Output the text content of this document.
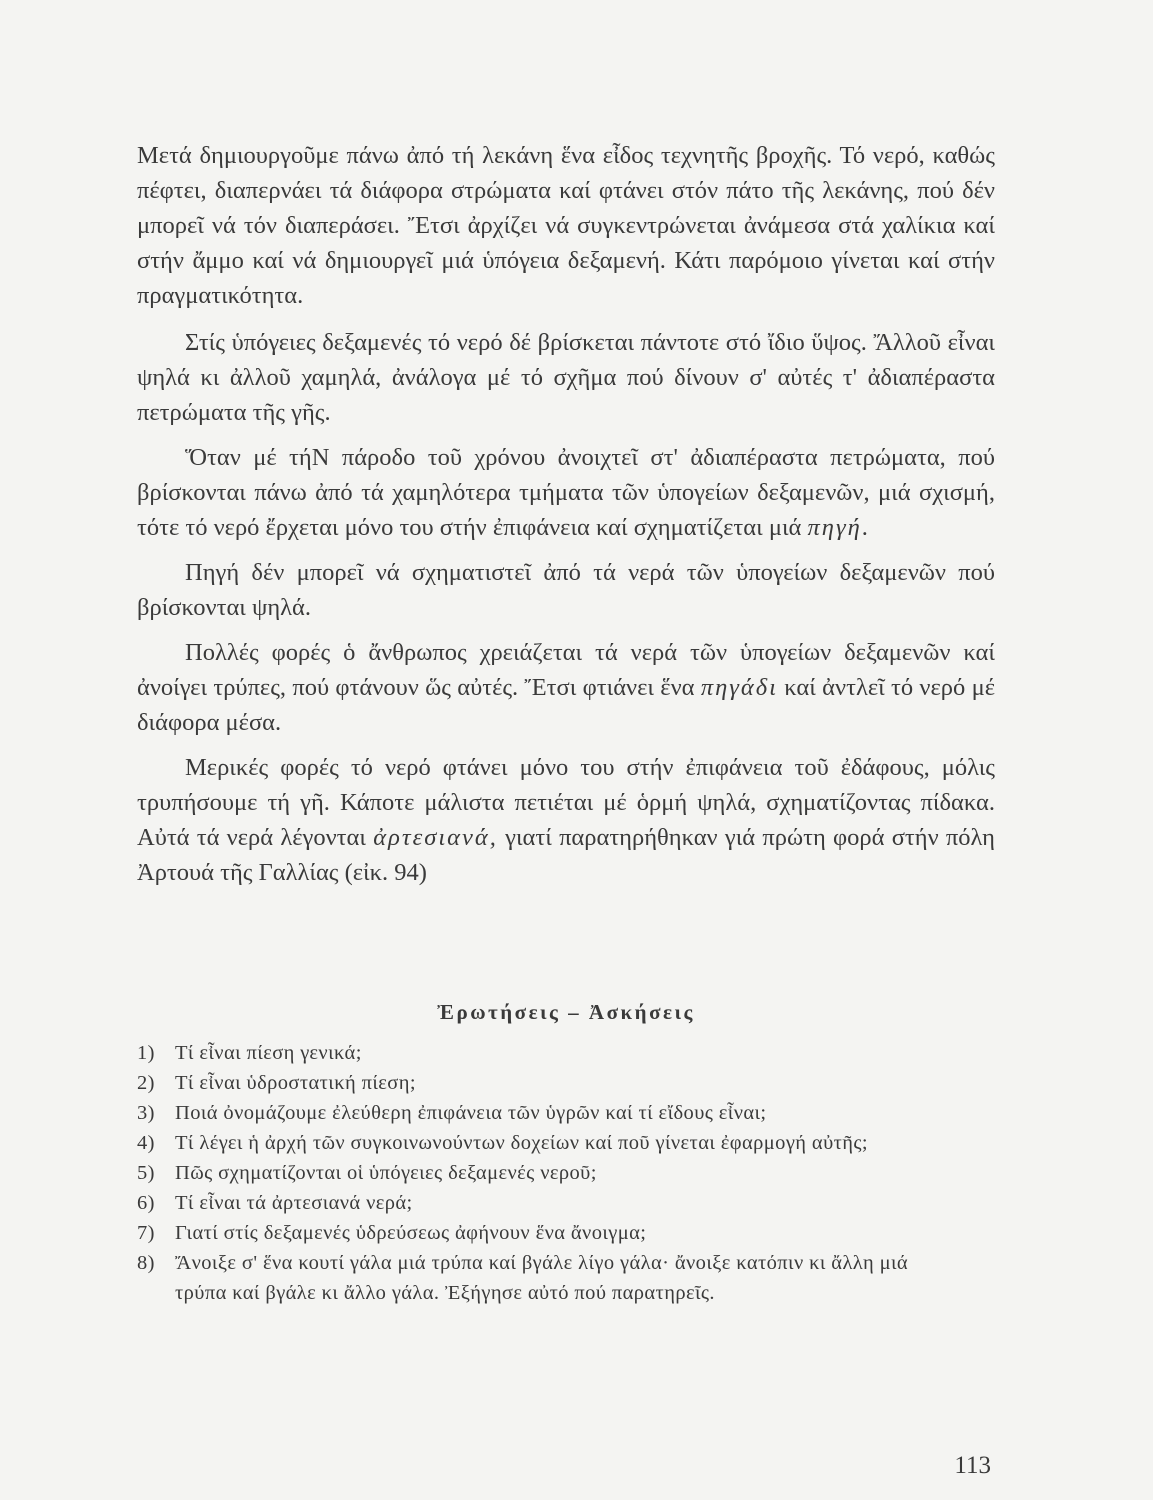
Μετά δημιουργοῦμε πάνω ἀπό τή λεκάνη ἕνα εἶδος τεχνητῆς βροχῆς. Τό νερό, καθώς πέφτει, διαπερνάει τά διάφορα στρώματα καί φτάνει στόν πάτο τῆς λεκάνης, πού δέν μπορεῖ νά τόν διαπεράσει. Ἔτσι ἀρχίζει νά συγκεντρώνεται ἀνάμεσα στά χαλίκια καί στήν ἄμμο καί νά δημιουργεῖ μιά ὑπόγεια δεξαμενή. Κάτι παρόμοιο γίνεται καί στήν πραγματικότητα.

Στίς ὑπόγειες δεξαμενές τό νερό δέ βρίσκεται πάντοτε στό ἴδιο ὕψος. Ἄλλοῦ εἶναι ψηλά κι ἀλλοῦ χαμηλά, ἀνάλογα μέ τό σχῆμα πού δίνουν σ' αὐτές τ' ἀδιαπέραστα πετρώματα τῆς γῆς.

Ὅταν μέ τήΝ πάροδο τοῦ χρόνου ἀνοιχτεῖ στ' ἀδιαπέραστα πετρώματα, πού βρίσκονται πάνω ἀπό τά χαμηλότερα τμήματα τῶν ὑπογείων δεξαμενῶν, μιά σχισμή, τότε τό νερό ἔρχεται μόνο του στήν ἐπιφάνεια καί σχηματίζεται μιά πηγή.

Πηγή δέν μπορεῖ νά σχηματιστεῖ ἀπό τά νερά τῶν ὑπογείων δεξαμενῶν πού βρίσκονται ψηλά.

Πολλές φορές ὁ ἄνθρωπος χρειάζεται τά νερά τῶν ὑπογείων δεξαμενῶν καί ἀνοίγει τρύπες, πού φτάνουν ὥς αὐτές. Ἔτσι φτιάνει ἕνα πηγάδι καί ἀντλεῖ τό νερό μέ διάφορα μέσα.

Μερικές φορές τό νερό φτάνει μόνο του στήν ἐπιφάνεια τοῦ ἐδάφους, μόλις τρυπήσουμε τή γῆ. Κάποτε μάλιστα πετιέται μέ ὁρμή ψηλά, σχηματίζοντας πίδακα. Αὐτά τά νερά λέγονται ἀρτεσιανά, γιατί παρατηρήθηκαν γιά πρώτη φορά στήν πόλη Ἀρτουά τῆς Γαλλίας (εἰκ. 94)

Ἐρωτήσεις – Ἀσκήσεις
1) Τί εἶναι πίεση γενικά;
2) Τί εἶναι ὑδροστατική πίεση;
3) Ποιά ὀνομάζουμε ἐλεύθερη ἐπιφάνεια τῶν ὑγρῶν καί τί εἴδους εἶναι;
4) Τί λέγει ἡ ἀρχή τῶν συγκοινωνούντων δοχείων καί ποῦ γίνεται ἐφαρμογή αὐτῆς;
5) Πῶς σχηματίζονται οἱ ὑπόγειες δεξαμενές νεροῦ;
6) Τί εἶναι τά ἀρτεσιανά νερά;
7) Γιατί στίς δεξαμενές ὑδρεύσεως ἀφήνουν ἕνα ἄνοιγμα;
8) Ἄνοιξε σ' ἕνα κουτί γάλα μιά τρύπα καί βγάλε λίγο γάλα· ἄνοιξε κατόπιν κι ἄλλη μιά τρύπα καί βγάλε κι ἄλλο γάλα. Ἐξήγησε αὐτό πού παρατηρεῖς.
113
